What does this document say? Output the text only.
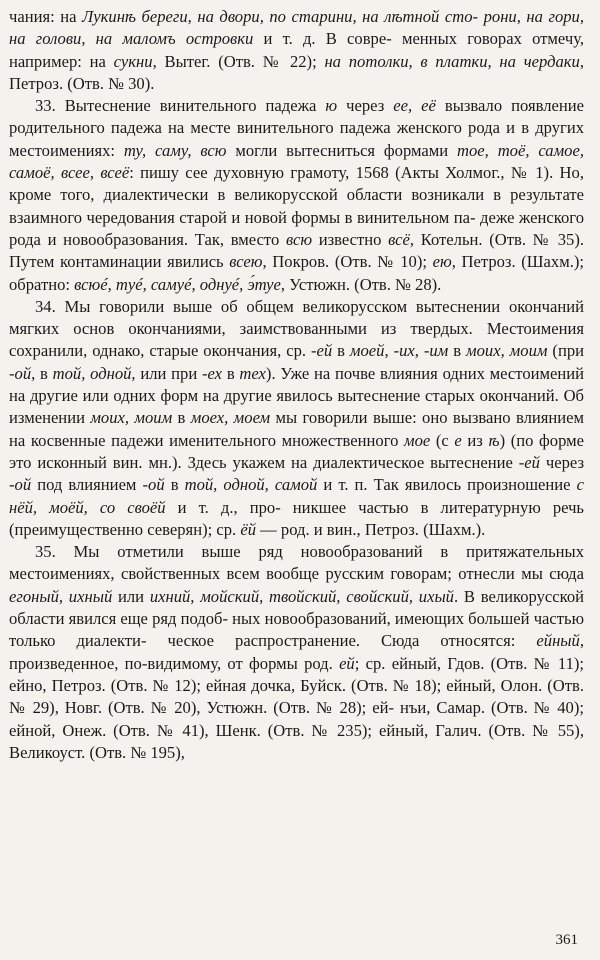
чания: на Лукинѣ береги, на двори, по старини, на лѣтной сто- рони, на гори, на голови, на маломъ островки и т. д. В совре- менных говорах отмечу, например: на сукни, Вытег. (Отв. № 22); на потолки, в платки, на чердаки, Петроз. (Отв. № 30).

33. Вытеснение винительного падежа ю через ее, её вызвало появление родительного падежа на месте винительного падежа женского рода и в других местоимениях: ту, саму, всю могли вытесниться формами тое, тоё, самое, самоё, всее, всеё: пишу сее духовную грамоту, 1568 (Акты Холмог., № 1). Но, кроме того, диалектически в великорусской области возникали в результате взаимного чередования старой и новой формы в винительном па- деже женского рода и новообразования. Так, вместо всю известно всё, Котельн. (Отв. № 35). Путем контаминации явились всею, Покров. (Отв. № 10); ею, Петроз. (Шахм.); обратно: всюé, тyé, самуé, однуé, э́туе, Устюжн. (Отв. № 28).

34. Мы говорили выше об общем великорусском вытеснении окончаний мягких основ окончаниями, заимствованными из твердых. Местоимения сохранили, однако, старые окончания, ср. -ей в моей, -их, -им в моих, моим (при -ой, в той, одной, или при -ех в тех). Уже на почве влияния одних местоимений на другие или одних форм на другие явилось вытеснение старых окончаний. Об изменении моих, моим в моех, моем мы говорили выше: оно вызвано влиянием на косвенные падежи именительного множественного мое (с е из ѣ) (по форме это исконный вин. мн.). Здесь укажем на диалектическое вытеснение -ей через -ой под влиянием -ой в той, одной, самой и т. п. Так явилось произношение с нёй, моёй, со своёй и т. д., про- никшее частью в литературную речь (преимущественно северян); ср. ёй — род. и вин., Петроз. (Шахм.).

35. Мы отметили выше ряд новообразований в притяжательных местоимениях, свойственных всем вообще русским говорам; отнесли мы сюда егоный, ихный или ихний, мойский, твойский, свойский, ихый. В великорусской области явился еще ряд подоб- ных новообразований, имеющих большей частью только диалекти- ческое распространение. Сюда относятся: ейный, произведенное, по-видимому, от формы род. ей; ср. ейный, Гдов. (Отв. № 11); ейно, Петроз. (Отв. № 12); ейная дочка, Буйск. (Отв. № 18); ейный, Олон. (Отв. № 29), Новг. (Отв. № 20), Устюжн. (Отв. № 28); ей- нъи, Самар. (Отв. № 40); ейной, Онеж. (Отв. № 41), Шенк. (Отв. № 235); ейный, Галич. (Отв. № 55), Великоуст. (Отв. № 195),

361
